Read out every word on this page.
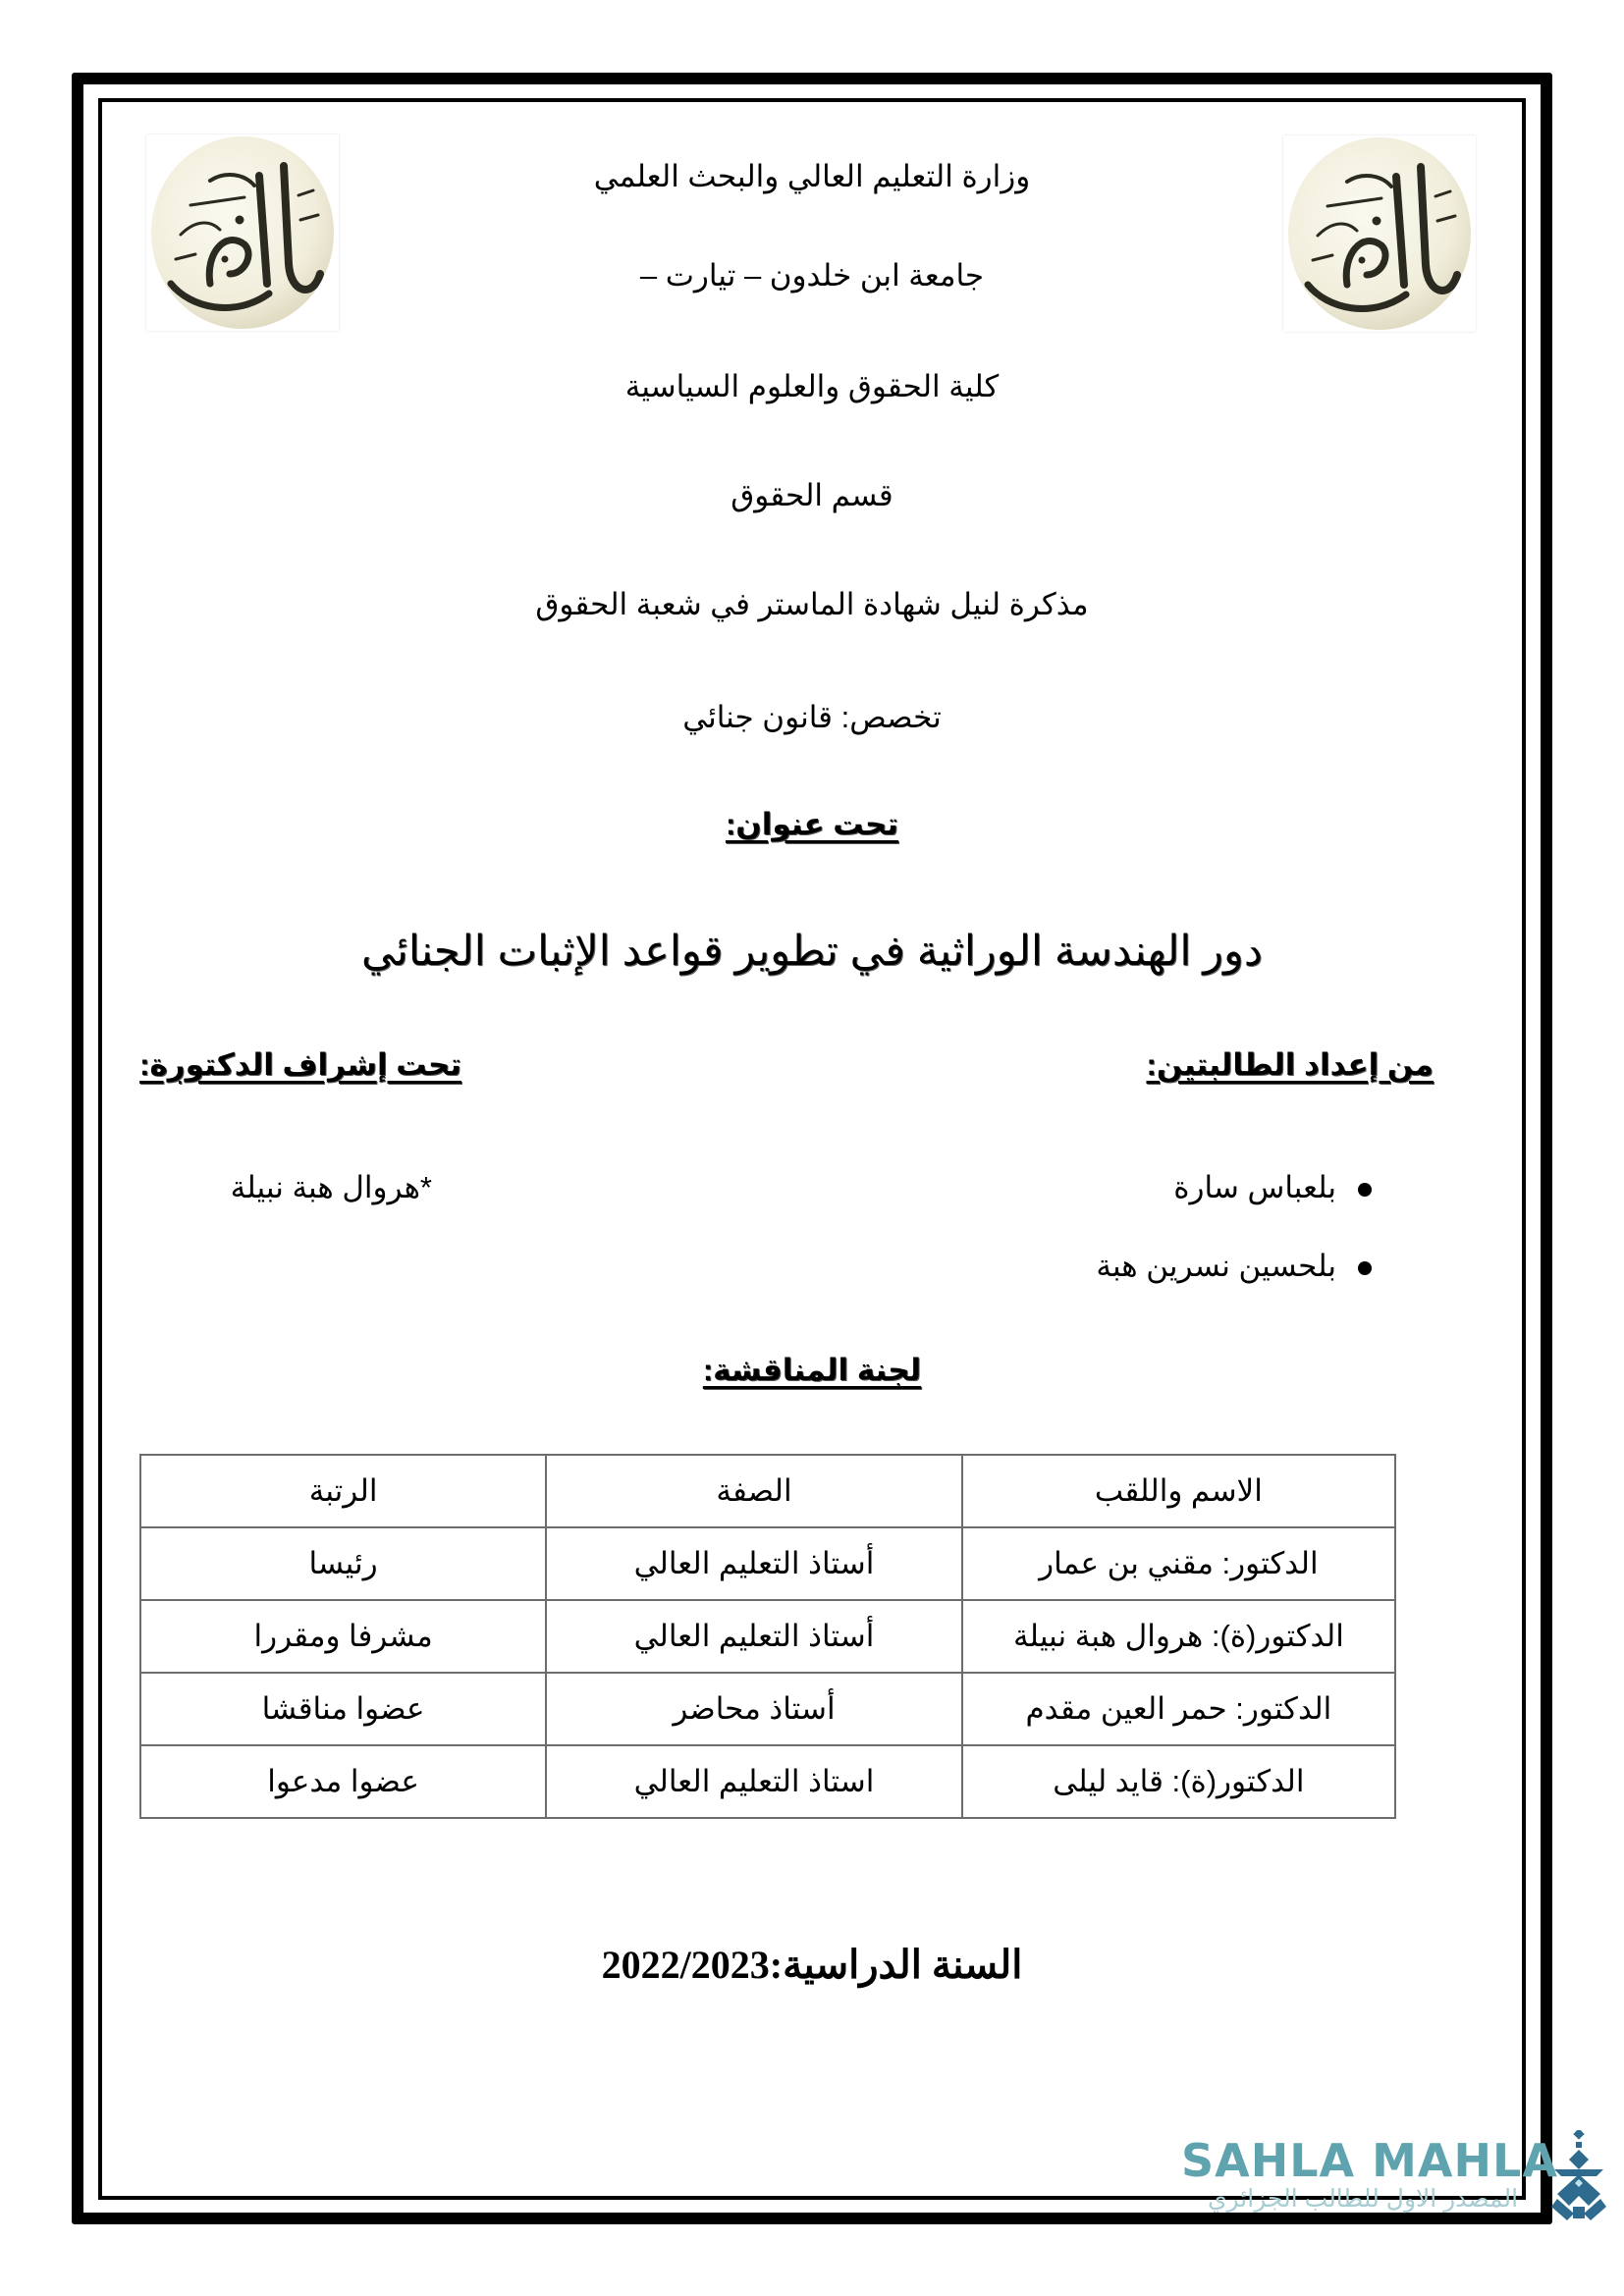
وزارة التعليم العالي والبحث العلمي
جامعة ابن خلدون – تيارت –
كلية الحقوق والعلوم السياسية
قسم الحقوق
مذكرة لنيل شهادة الماستر في شعبة الحقوق
تخصص: قانون جنائي
تحت عنوان:
دور الهندسة الوراثية في تطوير قواعد الإثبات الجنائي
من إعداد الطالبتين:
بلعباس سارة
بلحسين نسرين هبة
تحت إشراف الدكتورة:
*هروال هبة نبيلة
لجنة المناقشة:
الاسم واللقب	الصفة	الرتبة
الدكتور: مقني بن عمار	أستاذ التعليم العالي	رئيسا
الدكتور(ة): هروال هبة نبيلة	أستاذ التعليم العالي	مشرفا ومقررا
الدكتور: حمر العين مقدم	أستاذ محاضر	عضوا مناقشا
الدكتور(ة): قايد ليلى	استاذ التعليم العالي	عضوا مدعوا
السنة الدراسية:2022/2023
SAHLA MAHLA
المصدر الاول للطالب الجزائري
